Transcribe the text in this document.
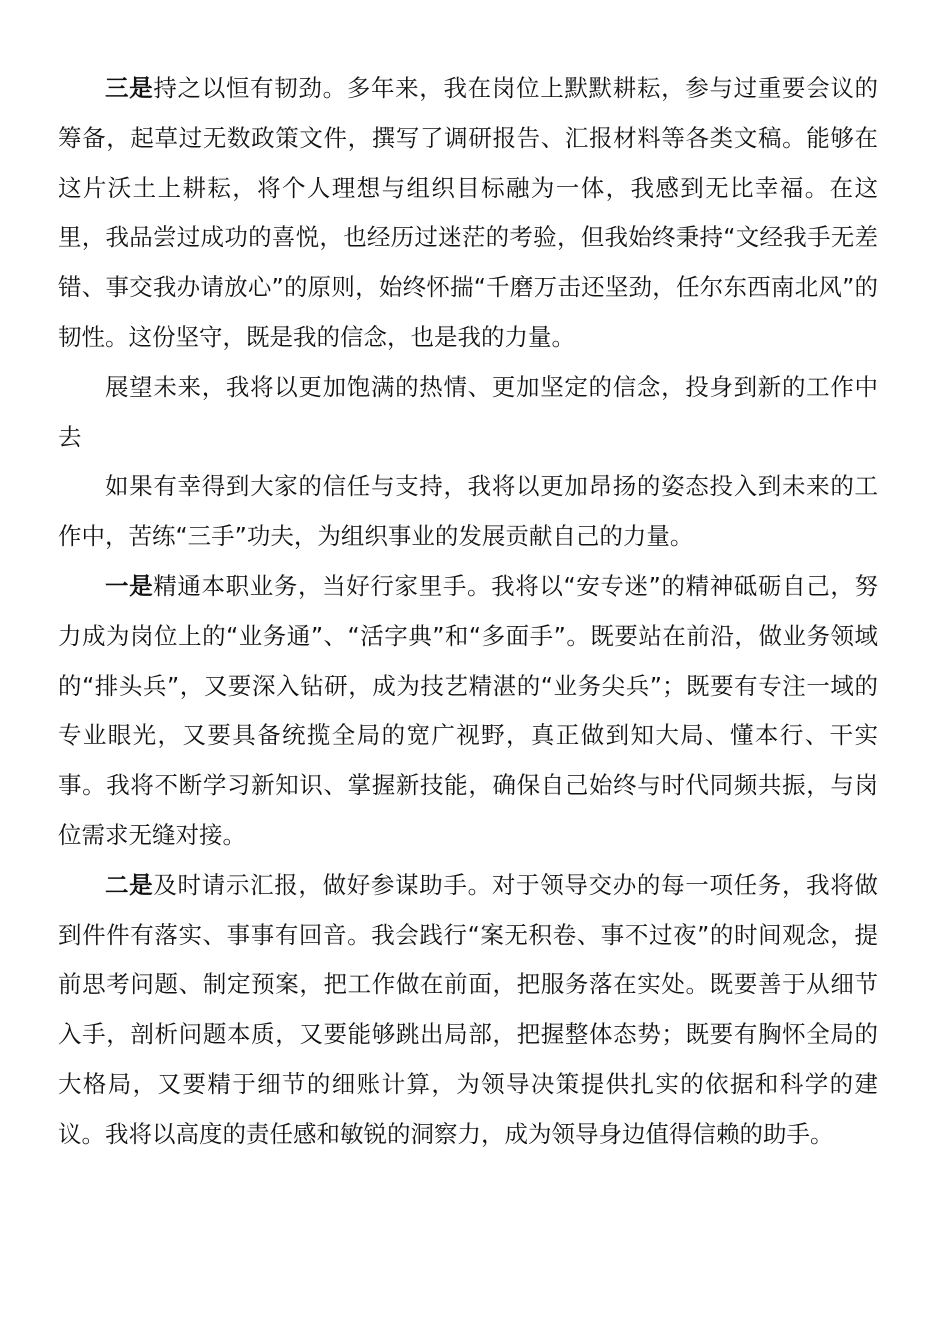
三是持之以恒有韧劲。多年来，我在岗位上默默耕耘，参与过重要会议的筹备，起草过无数政策文件，撰写了调研报告、汇报材料等各类文稿。能够在这片沃土上耕耘，将个人理想与组织目标融为一体，我感到无比幸福。在这里，我品尝过成功的喜悦，也经历过迷茫的考验，但我始终秉持“文经我手无差错、事交我办请放心”的原则，始终怀揣“千磨万击还坚劲，任尔东西南北风”的韧性。这份坚守，既是我的信念，也是我的力量。

展望未来，我将以更加饱满的热情、更加坚定的信念，投身到新的工作中去

如果有幸得到大家的信任与支持，我将以更加昂扬的姿态投入到未来的工作中，苦练“三手”功夫，为组织事业的发展贡献自己的力量。

一是精通本职业务，当好行家里手。我将以“安专迷”的精神砥砺自己，努力成为岗位上的“业务通”、“活字典”和“多面手”。既要站在前沿，做业务领域的“排头兵”，又要深入钻研，成为技艺精湛的“业务尖兵”；既要有专注一域的专业眼光，又要具备统揽全局的宽广视野，真正做到知大局、懂本行、干实事。我将不断学习新知识、掌握新技能，确保自己始终与时代同频共振，与岗位需求无缝对接。

二是及时请示汇报，做好参谋助手。对于领导交办的每一项任务，我将做到件件有落实、事事有回音。我会践行“案无积卷、事不过夜”的时间观念，提前思考问题、制定预案，把工作做在前面，把服务落在实处。既要善于从细节入手，剖析问题本质，又要能够跳出局部，把握整体态势；既要有胸怀全局的大格局，又要精于细节的细账计算，为领导决策提供扎实的依据和科学的建议。我将以高度的责任感和敏锐的洞察力，成为领导身边值得信赖的助手。
